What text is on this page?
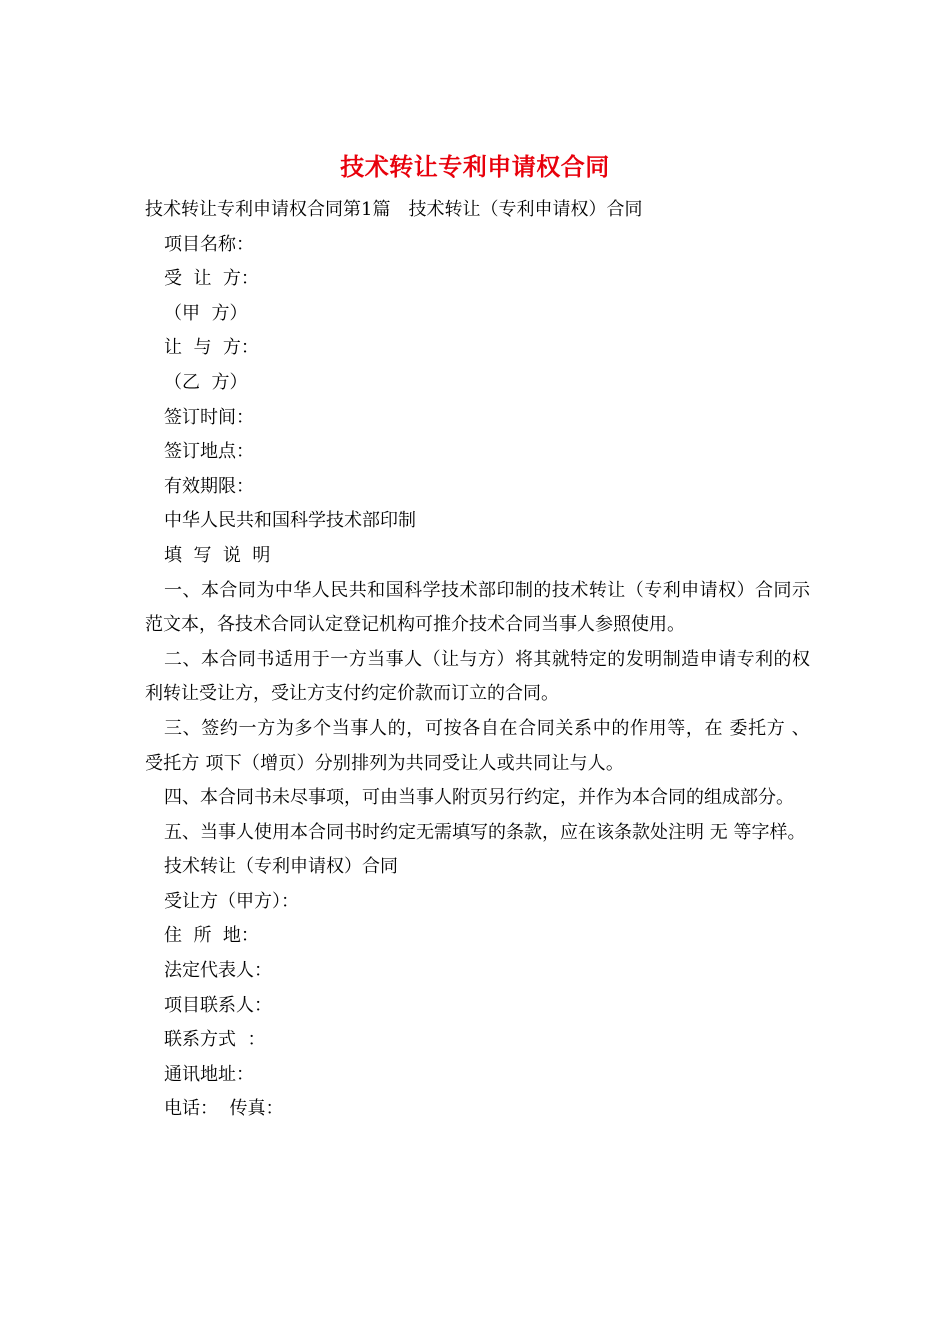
技术转让专利申请权合同
技术转让专利申请权合同第1篇　技术转让（专利申请权）合同
项目名称：
受  让  方：
（甲  方）
让  与  方：
（乙  方）
签订时间：
签订地点：
有效期限：
中华人民共和国科学技术部印制
填  写  说  明
一、本合同为中华人民共和国科学技术部印制的技术转让（专利申请权）合同示范文本，各技术合同认定登记机构可推介技术合同当事人参照使用。
二、本合同书适用于一方当事人（让与方）将其就特定的发明制造申请专利的权利转让受让方，受让方支付约定价款而订立的合同。
三、签约一方为多个当事人的，可按各自在合同关系中的作用等，在 委托方 、 受托方 项下（增页）分别排列为共同受让人或共同让与人。
四、本合同书未尽事项，可由当事人附页另行约定，并作为本合同的组成部分。
五、当事人使用本合同书时约定无需填写的条款，应在该条款处注明 无 等字样。
技术转让（专利申请权）合同
受让方（甲方）：
住  所  地：
法定代表人：
项目联系人：
联系方式  ：
通讯地址：
电话：  传真：
